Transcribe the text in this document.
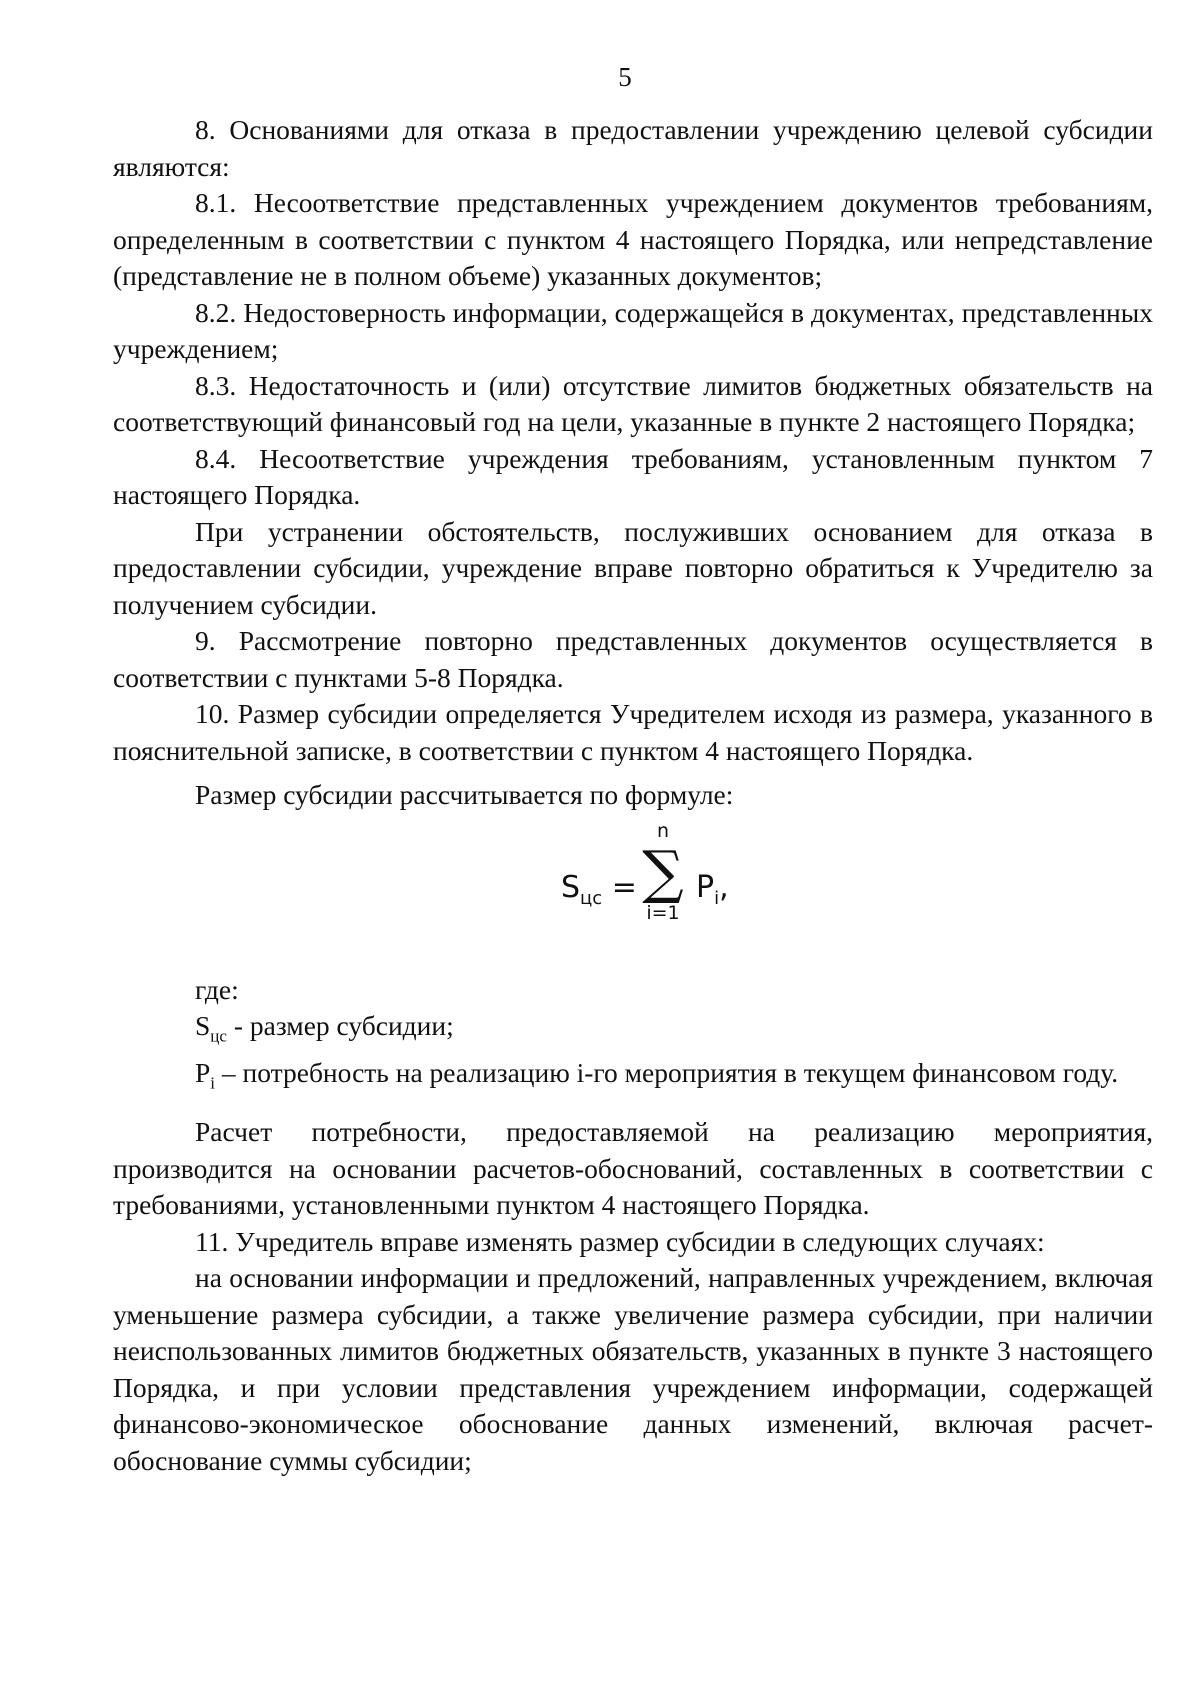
5

8. Основаниями для отказа в предоставлении учреждению целевой субсидии являются:

8.1. Несоответствие представленных учреждением документов требованиям, определенным в соответствии с пунктом 4 настоящего Порядка, или непредставление (представление не в полном объеме) указанных документов;

8.2. Недостоверность информации, содержащейся в документах, представленных учреждением;

8.3. Недостаточность и (или) отсутствие лимитов бюджетных обязательств на соответствующий финансовый год на цели, указанные в пункте 2 настоящего Порядка;

8.4. Несоответствие учреждения требованиям, установленным пунктом 7 настоящего Порядка.

При устранении обстоятельств, послуживших основанием для отказа в предоставлении субсидии, учреждение вправе повторно обратиться к Учредителю за получением субсидии.

9. Рассмотрение повторно представленных документов осуществляется в соответствии с пунктами 5-8 Порядка.

10. Размер субсидии определяется Учредителем исходя из размера, указанного в пояснительной записке, в соответствии с пунктом 4 настоящего Порядка.

Размер субсидии рассчитывается по формуле:

$S_{цс}$ =
n
∑
i=1
$P_i$,

где:

$S_{цс}$ - размер субсидии;

$P_i$ – потребность на реализацию i-го мероприятия в текущем финансовом году.

Расчет потребности, предоставляемой на реализацию мероприятия, производится на основании расчетов-обоснований, составленных в соответствии с требованиями, установленными пунктом 4 настоящего Порядка.

11. Учредитель вправе изменять размер субсидии в следующих случаях:

на основании информации и предложений, направленных учреждением, включая уменьшение размера субсидии, а также увеличение размера субсидии, при наличии неиспользованных лимитов бюджетных обязательств, указанных в пункте 3 настоящего Порядка, и при условии представления учреждением информации, содержащей финансово-экономическое обоснование данных изменений, включая расчет-обоснование суммы субсидии;
